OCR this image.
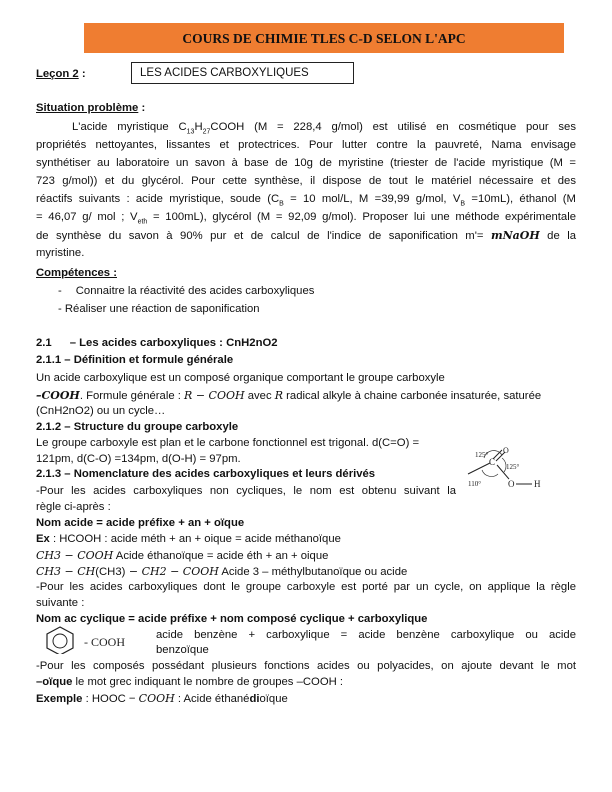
COURS DE CHIMIE TLES C-D SELON L'APC
Leçon 2 :	LES ACIDES CARBOXYLIQUES
Situation problème :
L'acide myristique $C_{13}H_{27}COOH$ (M = 228,4 g/mol) est utilisé en cosmétique pour ses
propriétés nettoyantes, lissantes et protectrices. Pour lutter contre la pauvreté, Nama envisage
synthétiser au laboratoire un savon à base de 10g de myristine (triester de l'acide myristique (M =
723 g/mol)) et du glycérol. Pour cette synthèse, il dispose de tout le matériel nécessaire et des
réactifs suivants : acide myristique, soude ($C_B = 10$ mol/L, M =39,99 g/mol, $V_B =10mL$), éthanol (M
= 46,07 g/ mol ; $V_{eth} = 100mL$), glycérol (M = 92,09 g/mol). Proposer lui une méthode expérimentale
de synthèse du savon à 90% pur et de calcul de l'indice de saponification m'= mNaOH de la
myristine.
Compétences :
- Connaitre la réactivité des acides carboxyliques
- Réaliser une réaction de saponification
2.1 – Les acides carboxyliques : CnH2nO2
2.1.1 – Définition et formule générale
Un acide carboxylique est un composé organique comportant le groupe carboxyle
–COOH. Formule générale : R − COOH avec R radical alkyle à chaine carbonée insaturée, saturée
(CnH2nO2) ou un cycle…
2.1.2 – Structure du groupe carboxyle
Le groupe carboxyle est plan et le carbone fonctionnel est trigonal. d(C=O) =
121pm, d(C-O) =134pm, d(O-H) = 97pm.	125°
125°
110°
C
O
O H
2.1.3 – Nomenclature des acides carboxyliques et leurs dérivés
-Pour les acides carboxyliques non cycliques, le nom est obtenu suivant la
règle ci-après :
Nom acide = acide préfixe + an + oïque
Ex : HCOOH : acide méth + an + oique = acide méthanoïque
CH3 − COOH Acide éthanoïque = acide éth + an + oique
CH3 − CH(CH3) − CH2 − COOH Acide 3 – méthylbutanoïque ou acide
-Pour les acides carboxyliques dont le groupe carboxyle est porté par un cycle, on applique la règle
suivante :
Nom ac cyclique = acide préfixe + nom composé cyclique + carboxylique
- COOH	acide benzène + carboxylique = acide benzène carboxylique ou acide
benzoïque
-Pour les composés possédant plusieurs fonctions acides ou polyacides, on ajoute devant le mot
–oïque le mot grec indiquant le nombre de groupes –COOH :
Exemple : HOOC − COOH : Acide éthanédioïque
